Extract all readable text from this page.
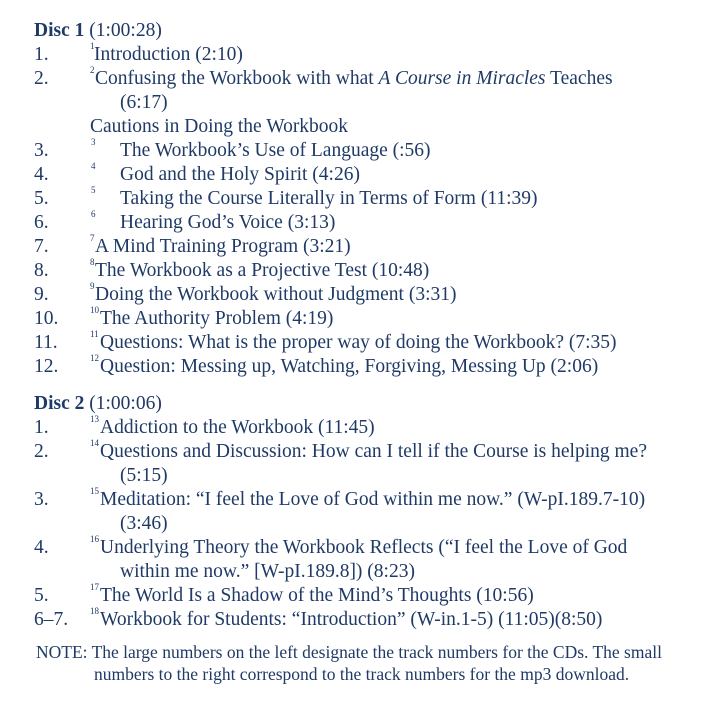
Disc 1 (1:00:28)
1.	1 Introduction (2:10)
2.	2 Confusing the Workbook with what A Course in Miracles Teaches
(6:17)
Cautions in Doing the Workbook
3.	3 The Workbook’s Use of Language (:56)
4.	4 God and the Holy Spirit (4:26)
5.	5 Taking the Course Literally in Terms of Form (11:39)
6.	6 Hearing God’s Voice (3:13)
7.	7 A Mind Training Program (3:21)
8.	8 The Workbook as a Projective Test (10:48)
9.	9 Doing the Workbook without Judgment (3:31)
10.	10 The Authority Problem (4:19)
11.	11 Questions: What is the proper way of doing the Workbook? (7:35)
12.	12 Question: Messing up, Watching, Forgiving, Messing Up (2:06)
Disc 2 (1:00:06)
1.	13 Addiction to the Workbook (11:45)
2.	14 Questions and Discussion: How can I tell if the Course is helping me?
(5:15)
3.	15 Meditation: “I feel the Love of God within me now.” (W-pI.189.7-10)
(3:46)
4.	16 Underlying Theory the Workbook Reflects (“I feel the Love of God
within me now.” [W-pI.189.8]) (8:23)
5.	17 The World Is a Shadow of the Mind’s Thoughts (10:56)
6–7. 18 Workbook for Students: “Introduction” (W-in.1-5) (11:05)(8:50)
NOTE: The large numbers on the left designate the track numbers for the CDs. The small
numbers to the right correspond to the track numbers for the mp3 download.
